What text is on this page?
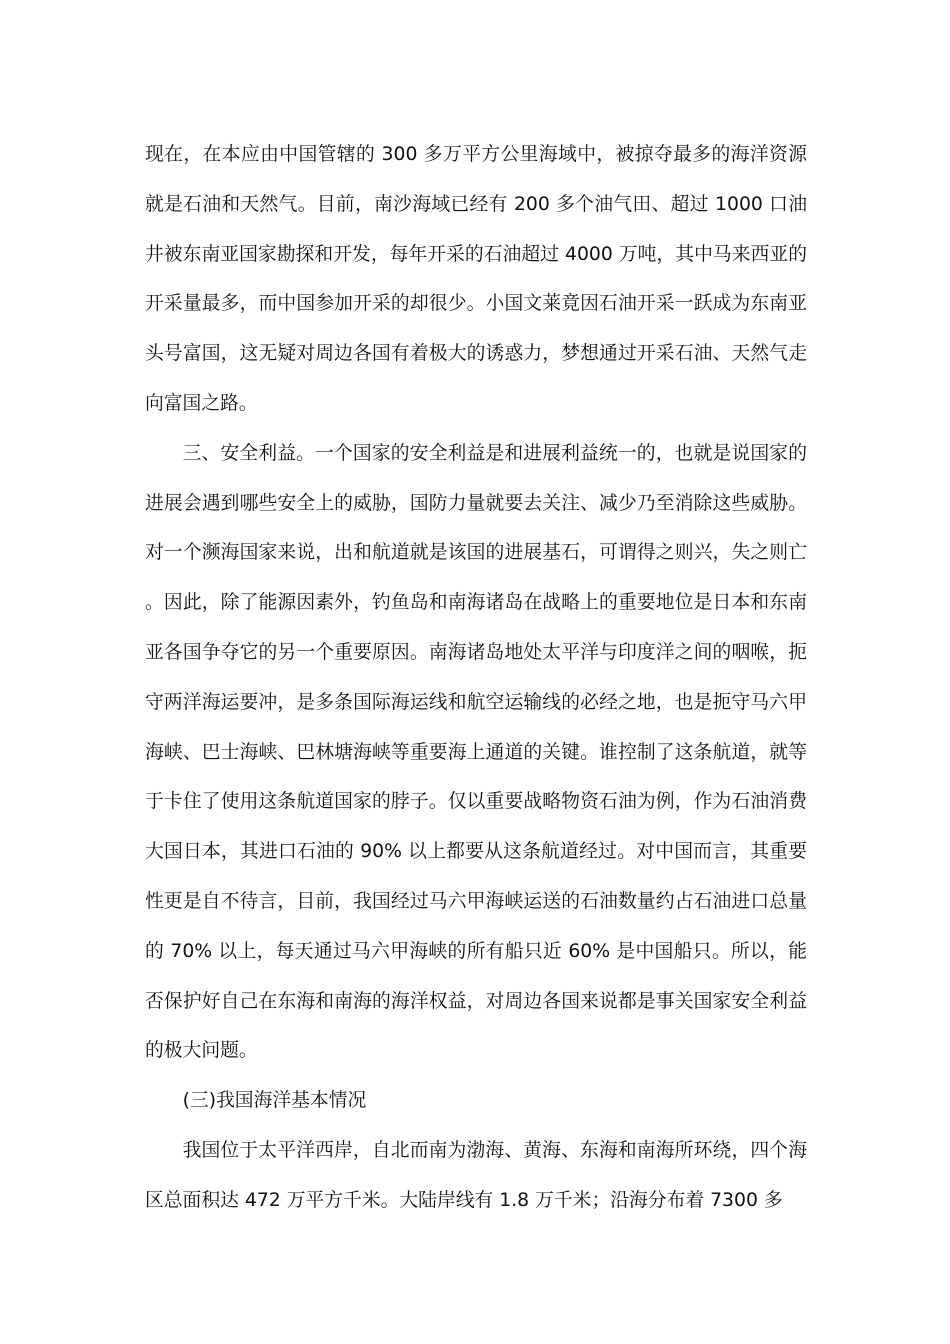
现在，在本应由中国管辖的 300 多万平方公里海域中，被掠夺最多的海洋资源就是石油和天然气。目前，南沙海域已经有 200 多个油气田、超过 1000 口油井被东南亚国家勘探和开发，每年开采的石油超过 4000 万吨，其中马来西亚的开采量最多，而中国参加开采的却很少。小国文莱竟因石油开采一跃成为东南亚头号富国，这无疑对周边各国有着极大的诱惑力，梦想通过开采石油、天然气走向富国之路。

三、安全利益。一个国家的安全利益是和进展利益统一的，也就是说国家的进展会遇到哪些安全上的威胁，国防力量就要去关注、减少乃至消除这些威胁。对一个濒海国家来说，出和航道就是该国的进展基石，可谓得之则兴，失之则亡。因此，除了能源因素外，钓鱼岛和南海诸岛在战略上的重要地位是日本和东南亚各国争夺它的另一个重要原因。南海诸岛地处太平洋与印度洋之间的咽喉，扼守两洋海运要冲，是多条国际海运线和航空运输线的必经之地，也是扼守马六甲海峡、巴士海峡、巴林塘海峡等重要海上通道的关键。谁控制了这条航道，就等于卡住了使用这条航道国家的脖子。仅以重要战略物资石油为例，作为石油消费大国日本，其进口石油的 90% 以上都要从这条航道经过。对中国而言，其重要性更是自不待言，目前，我国经过马六甲海峡运送的石油数量约占石油进口总量的 70% 以上，每天通过马六甲海峡的所有船只近 60% 是中国船只。所以，能否保护好自己在东海和南海的海洋权益，对周边各国来说都是事关国家安全利益的极大问题。

(三)我国海洋基本情况

我国位于太平洋西岸，自北而南为渤海、黄海、东海和南海所环绕，四个海区总面积达 472 万平方千米。大陆岸线有 1.8 万千米；沿海分布着 7300 多
